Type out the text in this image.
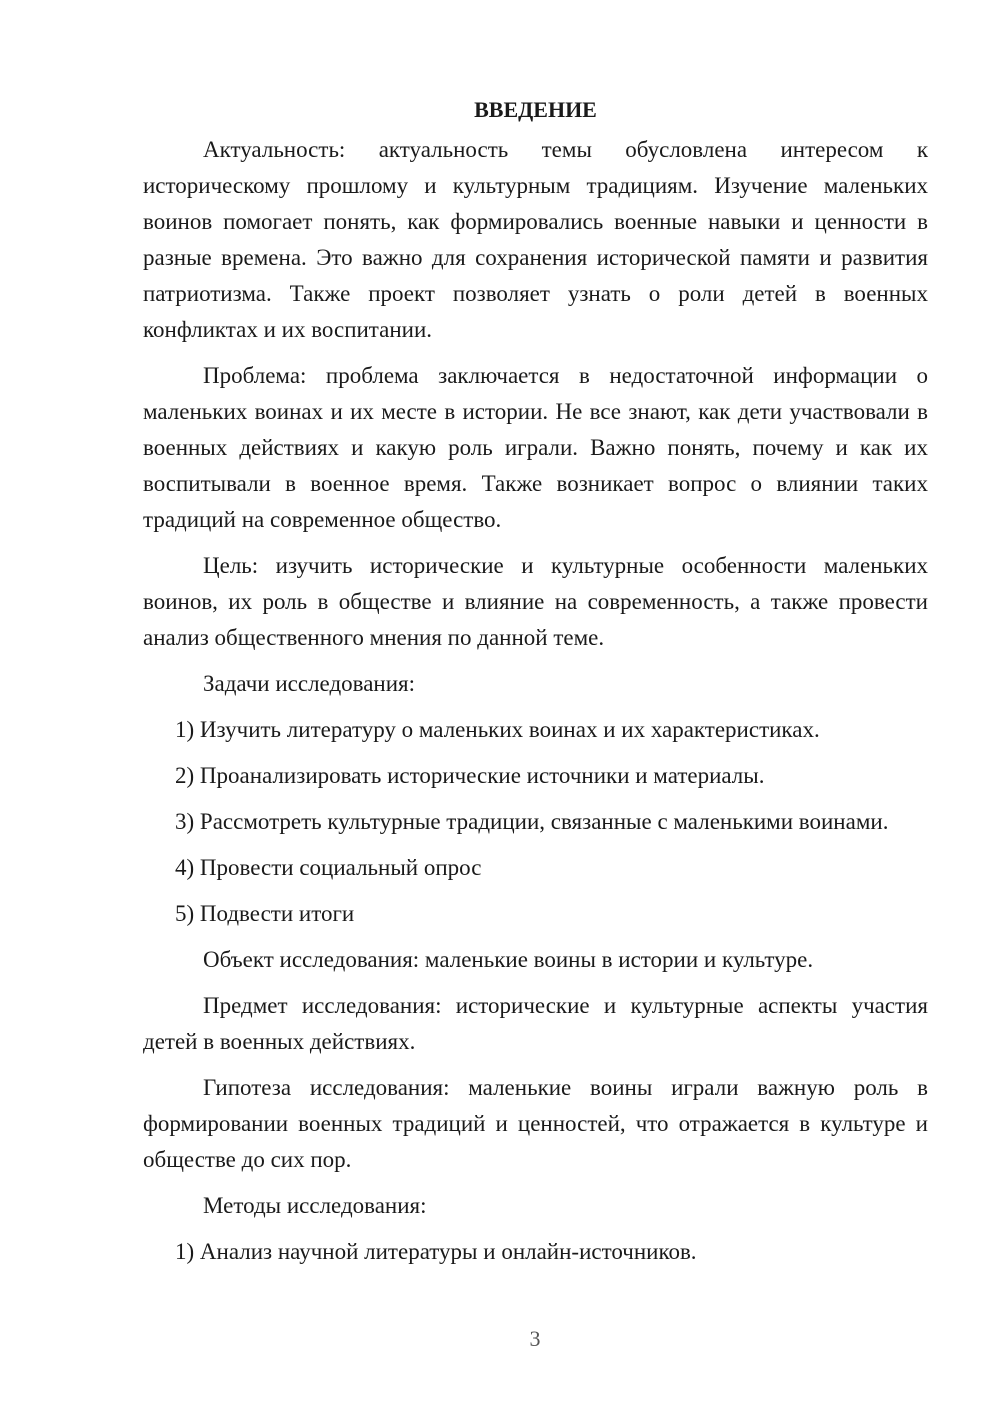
ВВЕДЕНИЕ

Актуальность: актуальность темы обусловлена интересом к историческому прошлому и культурным традициям. Изучение маленьких воинов помогает понять, как формировались военные навыки и ценности в разные времена. Это важно для сохранения исторической памяти и развития патриотизма. Также проект позволяет узнать о роли детей в военных конфликтах и их воспитании.

Проблема: проблема заключается в недостаточной информации о маленьких воинах и их месте в истории. Не все знают, как дети участвовали в военных действиях и какую роль играли. Важно понять, почему и как их воспитывали в военное время. Также возникает вопрос о влиянии таких традиций на современное общество.

Цель: изучить исторические и культурные особенности маленьких воинов, их роль в обществе и влияние на современность, а также провести анализ общественного мнения по данной теме.

Задачи исследования:

1) Изучить литературу о маленьких воинах и их характеристиках.

2) Проанализировать исторические источники и материалы.

3) Рассмотреть культурные традиции, связанные с маленькими воинами.

4) Провести социальный опрос

5) Подвести итоги

Объект исследования: маленькие воины в истории и культуре.

Предмет исследования: исторические и культурные аспекты участия детей в военных действиях.

Гипотеза исследования: маленькие воины играли важную роль в формировании военных традиций и ценностей, что отражается в культуре и обществе до сих пор.

Методы исследования:

1) Анализ научной литературы и онлайн-источников.

3
